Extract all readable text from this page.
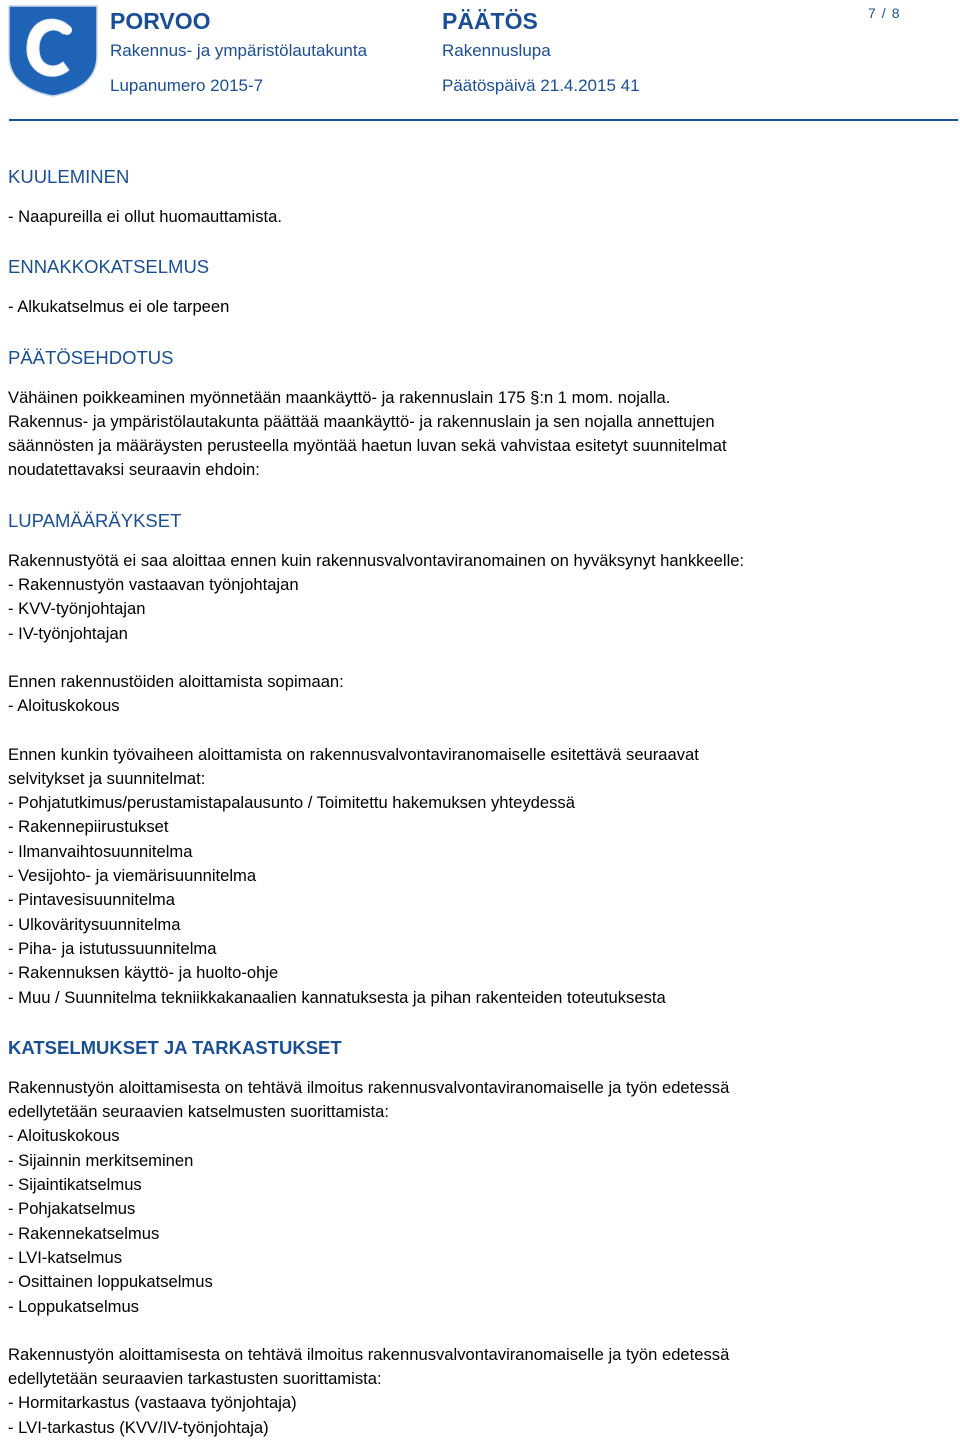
PORVOO	PÄÄTÖS
Rakennus- ja ympäristölautakunta	Rakennuslupa
Lupanumero 2015-7	Päätöspäivä 21.4.2015 41
7 / 8

KUULEMINEN

- Naapureilla ei ollut huomauttamista.

ENNAKKOKATSELMUS

- Alkukatselmus ei ole tarpeen

PÄÄTÖSEHDOTUS

Vähäinen poikkeaminen myönnetään maankäyttö- ja rakennuslain 175 §:n 1 mom. nojalla.

Rakennus- ja ympäristölautakunta päättää maankäyttö- ja rakennuslain ja sen nojalla annettujen

säännösten ja määräysten perusteella myöntää haetun luvan sekä vahvistaa esitetyt suunnitelmat

noudatettavaksi seuraavin ehdoin:

LUPAMÄÄRÄYKSET

Rakennustyötä ei saa aloittaa ennen kuin rakennusvalvontaviranomainen on hyväksynyt hankkeelle:

- Rakennustyön vastaavan työnjohtajan

- KVV-työnjohtajan

- IV-työnjohtajan

Ennen rakennustöiden aloittamista sopimaan:

- Aloituskokous

Ennen kunkin työvaiheen aloittamista on rakennusvalvontaviranomaiselle esitettävä seuraavat

selvitykset ja suunnitelmat:

- Pohjatutkimus/perustamistapalausunto / Toimitettu hakemuksen yhteydessä

- Rakennepiirustukset

- Ilmanvaihtosuunnitelma

- Vesijohto- ja viemärisuunnitelma

- Pintavesisuunnitelma

- Ulkoväritysuunnitelma

- Piha- ja istutussuunnitelma

- Rakennuksen käyttö- ja huolto-ohje

- Muu / Suunnitelma tekniikkakanaalien kannatuksesta ja pihan rakenteiden toteutuksesta

KATSELMUKSET JA TARKASTUKSET

Rakennustyön aloittamisesta on tehtävä ilmoitus rakennusvalvontaviranomaiselle ja työn edetessä

edellytetään seuraavien katselmusten suorittamista:

- Aloituskokous

- Sijainnin merkitseminen

- Sijaintikatselmus

- Pohjakatselmus

- Rakennekatselmus

- LVI-katselmus

- Osittainen loppukatselmus

- Loppukatselmus

Rakennustyön aloittamisesta on tehtävä ilmoitus rakennusvalvontaviranomaiselle ja työn edetessä

edellytetään seuraavien tarkastusten suorittamista:

- Hormitarkastus (vastaava työnjohtaja)

- LVI-tarkastus (KVV/IV-työnjohtaja)
